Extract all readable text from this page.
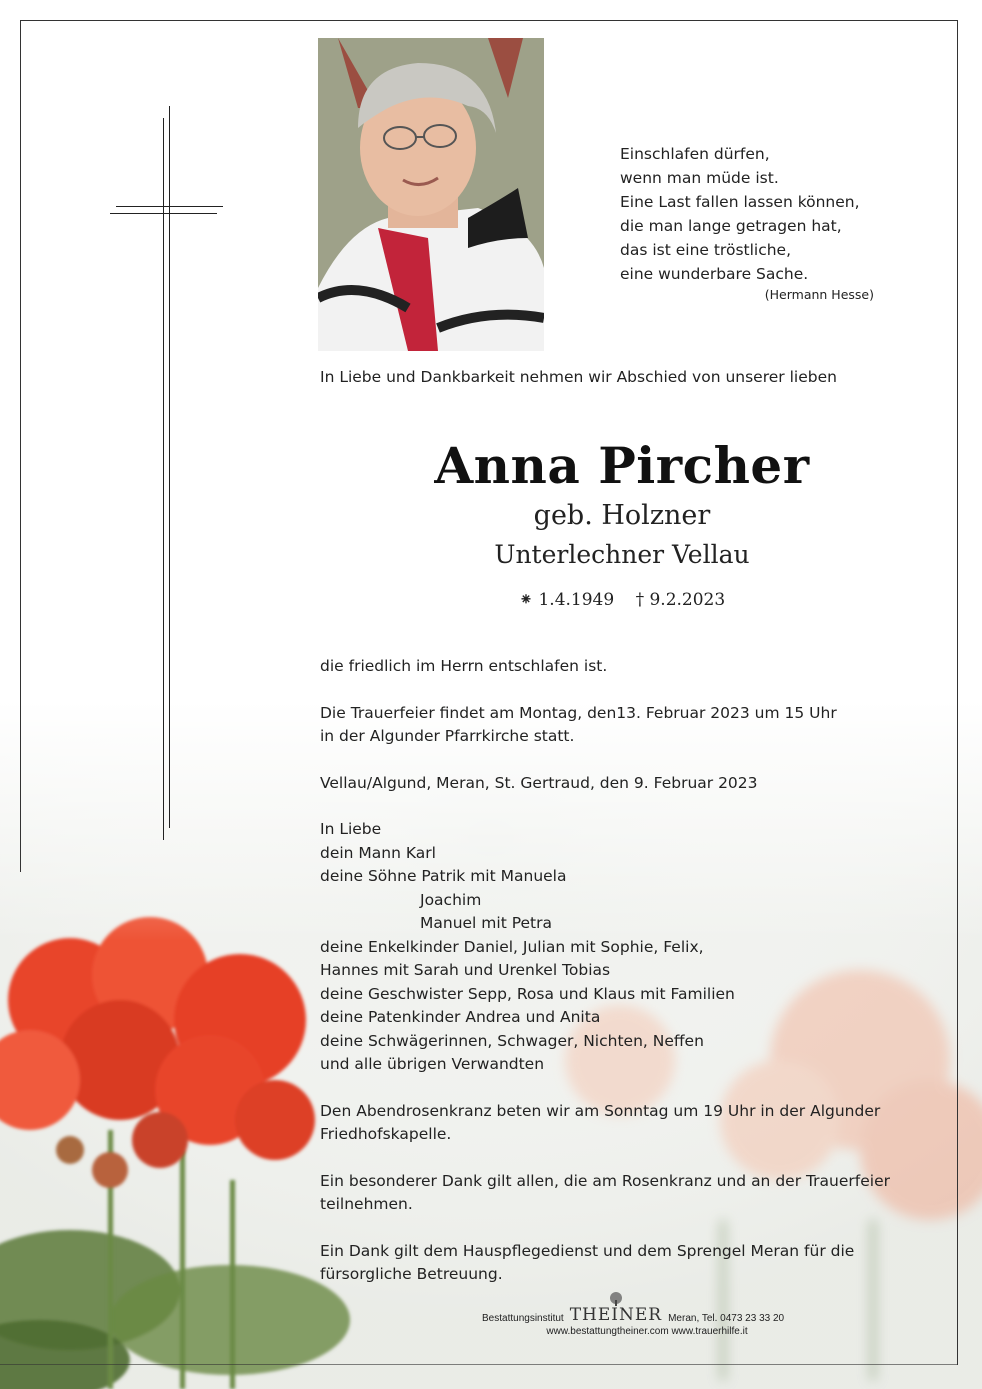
Einschlafen dürfen,
wenn man müde ist.
Eine Last fallen lassen können,
die man lange getragen hat,
das ist eine tröstliche,
eine wunderbare Sache.
(Hermann Hesse)
In Liebe und Dankbarkeit nehmen wir Abschied von unserer lieben
Anna Pircher
geb. Holzner
Unterlechner Vellau
⁕ 1.4.1949 † 9.2.2023

die friedlich im Herrn entschlafen ist.

Die Trauerfeier findet am Montag, den13. Februar 2023 um 15 Uhr
in der Algunder Pfarrkirche statt.

Vellau/Algund, Meran, St. Gertraud, den 9. Februar 2023

In Liebe
dein Mann Karl
deine Söhne Patrik mit Manuela
Joachim
Manuel mit Petra
deine Enkelkinder Daniel, Julian mit Sophie, Felix,
Hannes mit Sarah und Urenkel Tobias
deine Geschwister Sepp, Rosa und Klaus mit Familien
deine Patenkinder Andrea und Anita
deine Schwägerinnen, Schwager, Nichten, Neffen
und alle übrigen Verwandten

Den Abendrosenkranz beten wir am Sonntag um 19 Uhr in der Algunder
Friedhofskapelle.

Ein besonderer Dank gilt allen, die am Rosenkranz und an der Trauerfeier
teilnehmen.

Ein Dank gilt dem Hauspflegedienst und dem Sprengel Meran für die
fürsorgliche Betreuung.

Bestattungsinstitut THEINER Meran, Tel. 0473 23 33 20
www.bestattungtheiner.com www.trauerhilfe.it
